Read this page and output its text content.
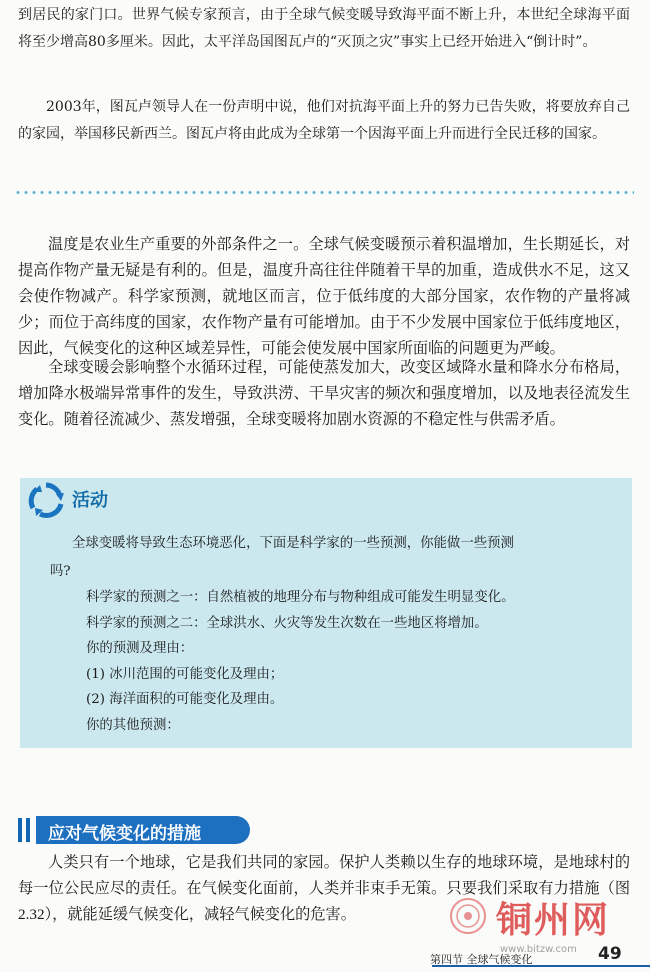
到居民的家门口。世界气候专家预言，由于全球气候变暖导致海平面不断上升，本世纪全球海平面将至少增高80多厘米。因此，太平洋岛国图瓦卢的“灭顶之灾”事实上已经开始进入“倒计时”。

2003年，图瓦卢领导人在一份声明中说，他们对抗海平面上升的努力已告失败，将要放弃自己的家园，举国移民新西兰。图瓦卢将由此成为全球第一个因海平面上升而进行全民迁移的国家。

温度是农业生产重要的外部条件之一。全球气候变暖预示着积温增加，生长期延长，对提高作物产量无疑是有利的。但是，温度升高往往伴随着干旱的加重，造成供水不足，这又会使作物减产。科学家预测，就地区而言，位于低纬度的大部分国家，农作物的产量将减少；而位于高纬度的国家，农作物产量有可能增加。由于不少发展中国家位于低纬度地区，因此，气候变化的这种区域差异性，可能会使发展中国家所面临的问题更为严峻。

全球变暖会影响整个水循环过程，可能使蒸发加大，改变区域降水量和降水分布格局，增加降水极端异常事件的发生，导致洪涝、干旱灾害的频次和强度增加，以及地表径流发生变化。随着径流减少、蒸发增强，全球变暖将加剧水资源的不稳定性与供需矛盾。

活动

全球变暖将导致生态环境恶化，下面是科学家的一些预测，你能做一些预测

吗?

科学家的预测之一：自然植被的地理分布与物种组成可能发生明显变化。

科学家的预测之二：全球洪水、火灾等发生次数在一些地区将增加。

你的预测及理由：

(1) 冰川范围的可能变化及理由；

(2) 海洋面积的可能变化及理由。

你的其他预测：

应对气候变化的措施

人类只有一个地球，它是我们共同的家园。保护人类赖以生存的地球环境，是地球村的每一位公民应尽的责任。在气候变化面前，人类并非束手无策。只要我们采取有力措施（图2.32），就能延缓气候变化，减轻气候变化的危害。	铜州网
www.bitzw.com
第四节 全球气候变化	49
